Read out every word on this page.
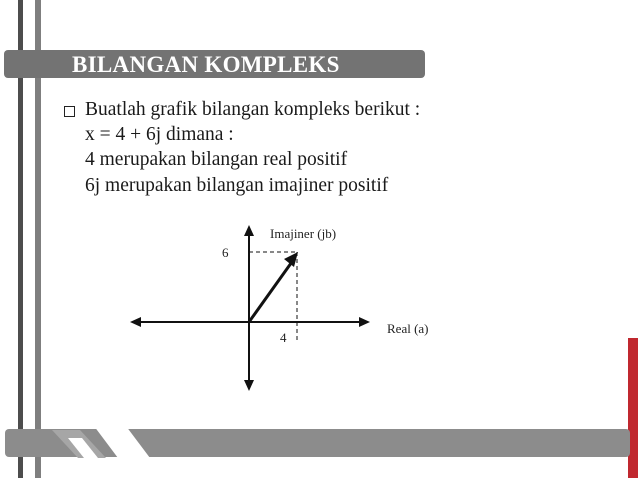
BILANGAN KOMPLEKS
Buatlah grafik bilangan kompleks berikut :
x = 4 + 6j dimana :
4 merupakan bilangan real positif
6j merupakan bilangan imajiner positif
Imajiner (jb)
6
Real (a)
4
